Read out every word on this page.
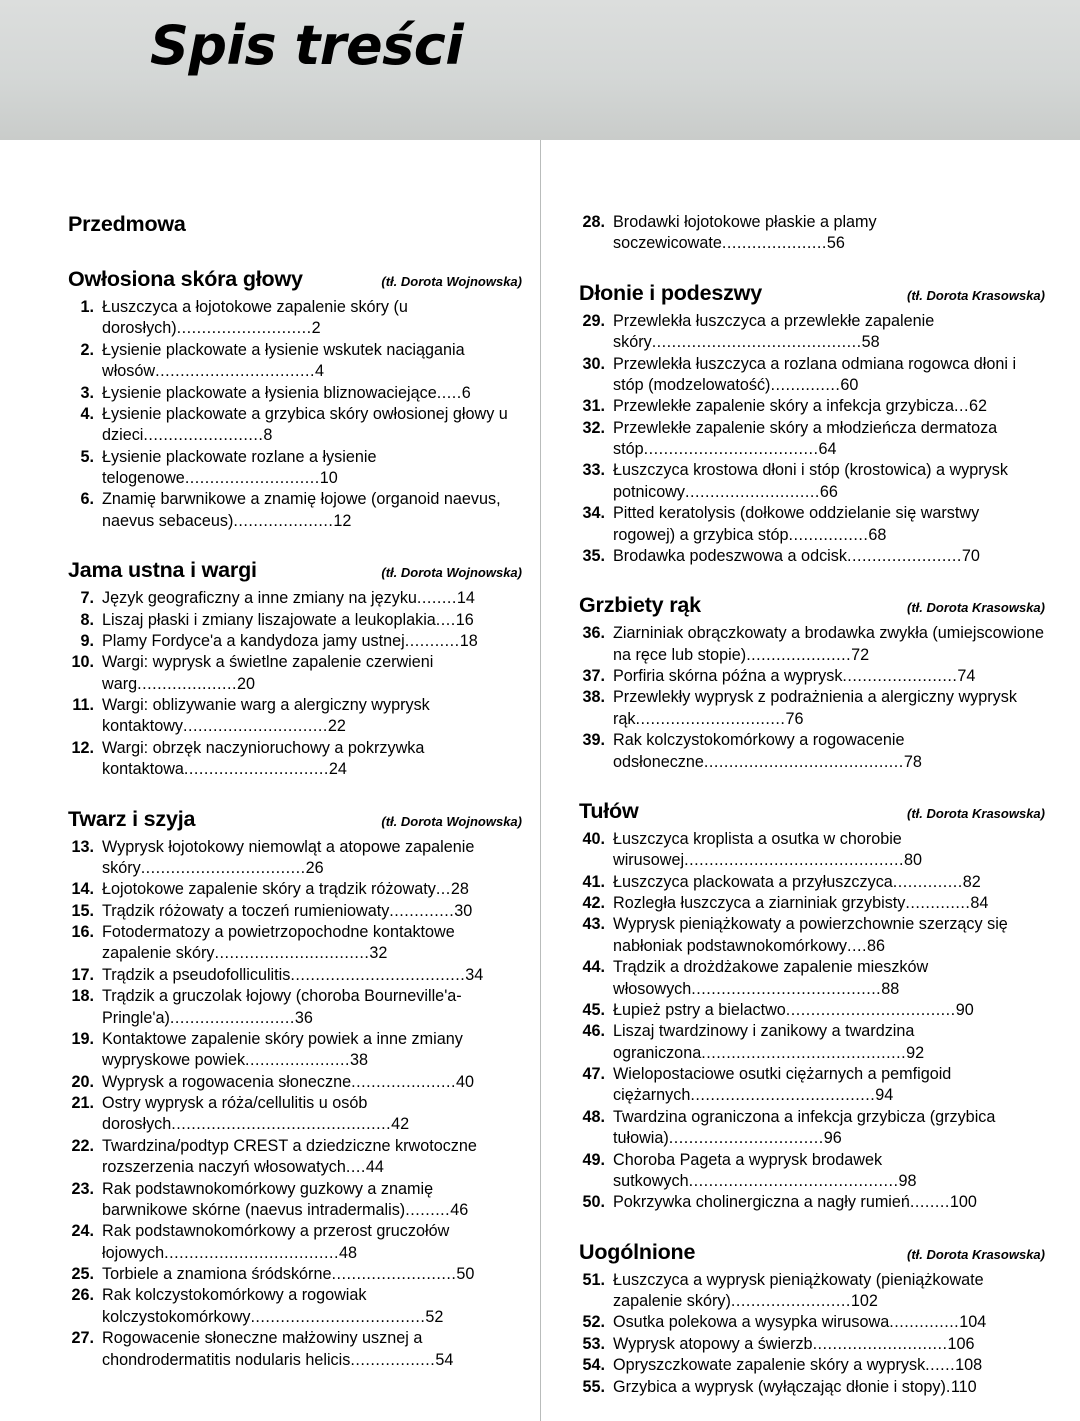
Spis treści
Przedmowa
Owłosiona skóra głowy	(tł. Dorota Wojnowska)
1. Łuszczyca a łojotokowe zapalenie skóry (u dorosłych)...........................2
2. Łysienie plackowate a łysienie wskutek naciągania włosów................................4
3. Łysienie plackowate a łysienia bliznowaciejące.....6
4. Łysienie plackowate a grzybica skóry owłosionej głowy u dzieci........................8
5. Łysienie plackowate rozlane a łysienie telogenowe...........................10
6. Znamię barwnikowe a znamię łojowe (organoid naevus, naevus sebaceus)....................12
Jama ustna i wargi	(tł. Dorota Wojnowska)
7. Język geograficzny a inne zmiany na języku........14
8. Liszaj płaski i zmiany liszajowate a leukoplakia....16
9. Plamy Fordyce'a a kandydoza jamy ustnej...........18
10. Wargi: wyprysk a świetlne zapalenie czerwieni warg....................20
11. Wargi: oblizywanie warg a alergiczny wyprysk kontaktowy.............................22
12. Wargi: obrzęk naczynioruchowy a pokrzywka kontaktowa.............................24
Twarz i szyja	(tł. Dorota Wojnowska)
13. Wyprysk łojotokowy niemowląt a atopowe zapalenie skóry.................................26
14. Łojotokowe zapalenie skóry a trądzik różowaty...28
15. Trądzik różowaty a toczeń rumieniowaty.............30
16. Fotodermatozy a powietrzopochodne kontaktowe zapalenie skóry...............................32
17. Trądzik a pseudofolliculitis...................................34
18. Trądzik a gruczolak łojowy (choroba Bourneville'a-Pringle'a).........................36
19. Kontaktowe zapalenie skóry powiek a inne zmiany wypryskowe powiek.....................38
20. Wyprysk a rogowacenia słoneczne.....................40
21. Ostry wyprysk a róża/cellulitis u osób dorosłych............................................42
22. Twardzina/podtyp CREST a dziedziczne krwotoczne rozszerzenia naczyń włosowatych....44
23. Rak podstawnokomórkowy guzkowy a znamię barwnikowe skórne (naevus intradermalis).........46
24. Rak podstawnokomórkowy a przerost gruczołów łojowych...................................48
25. Torbiele a znamiona śródskórne.........................50
26. Rak kolczystokomórkowy a rogowiak kolczystokomórkowy...................................52
27. Rogowacenie słoneczne małżowiny usznej a chondrodermatitis nodularis helicis.................54
28. Brodawki łojotokowe płaskie a plamy soczewicowate.....................56
Dłonie i podeszwy	(tł. Dorota Krasowska)
29. Przewlekła łuszczyca a przewlekłe zapalenie skóry..........................................58
30. Przewlekła łuszczyca a rozlana odmiana rogowca dłoni i stóp (modzelowatość)..............60
31. Przewlekłe zapalenie skóry a infekcja grzybicza...62
32. Przewlekłe zapalenie skóry a młodzieńcza dermatoza stóp...................................64
33. Łuszczyca krostowa dłoni i stóp (krostowica) a wyprysk potnicowy...........................66
34. Pitted keratolysis (dołkowe oddzielanie się warstwy rogowej) a grzybica stóp................68
35. Brodawka podeszwowa a odcisk.......................70
Grzbiety rąk	(tł. Dorota Krasowska)
36. Ziarniniak obrączkowaty a brodawka zwykła (umiejscowione na ręce lub stopie).....................72
37. Porfiria skórna późna a wyprysk.......................74
38. Przewlekły wyprysk z podrażnienia a alergiczny wyprysk rąk..............................76
39. Rak kolczystokomórkowy a rogowacenie odsłoneczne........................................78
Tułów	(tł. Dorota Krasowska)
40. Łuszczyca kroplista a osutka w chorobie wirusowej............................................80
41. Łuszczyca plackowata a przyłuszczyca..............82
42. Rozległa łuszczyca a ziarniniak grzybisty.............84
43. Wyprysk pieniążkowaty a powierzchownie szerzący się nabłoniak podstawnokomórkowy....86
44. Trądzik a drożdżakowe zapalenie mieszków włosowych......................................88
45. Łupież pstry a bielactwo..................................90
46. Liszaj twardzinowy i zanikowy a twardzina ograniczona.........................................92
47. Wielopostaciowe osutki ciężarnych a pemfigoid ciężarnych.....................................94
48. Twardzina ograniczona a infekcja grzybicza (grzybica tułowia)...............................96
49. Choroba Pageta a wyprysk brodawek sutkowych..........................................98
50. Pokrzywka cholinergiczna a nagły rumień........100
Uogólnione	(tł. Dorota Krasowska)
51. Łuszczyca a wyprysk pieniążkowaty (pieniążkowate zapalenie skóry)........................102
52. Osutka polekowa a wysypka wirusowa..............104
53. Wyprysk atopowy a świerzb...........................106
54. Opryszczkowate zapalenie skóry a wyprysk......108
55. Grzybica a wyprysk (wyłączając dłonie i stopy).110
